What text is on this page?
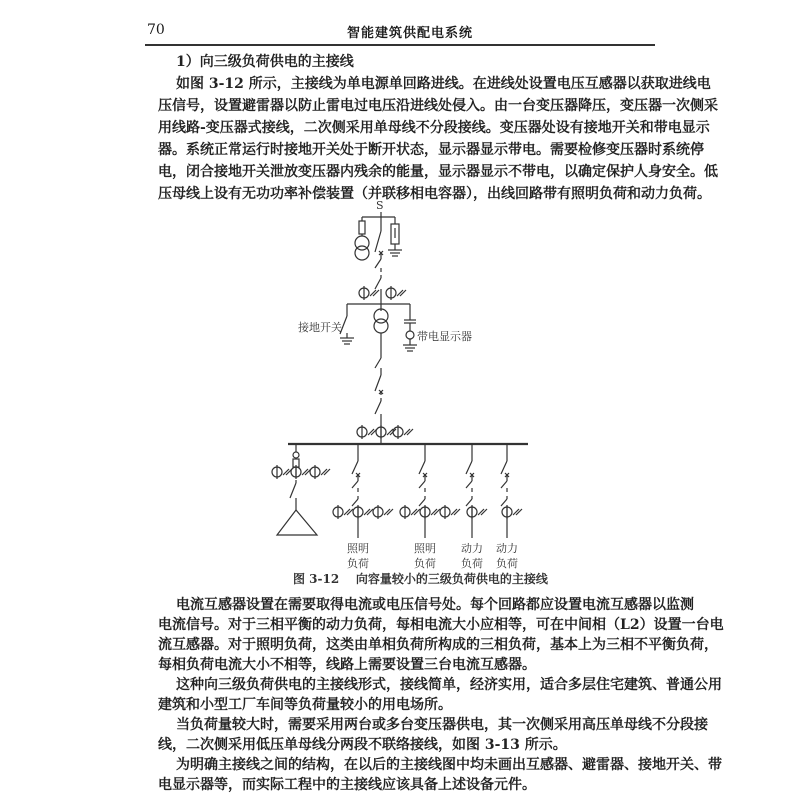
70	智能建筑供配电系统
1）向三级负荷供电的主接线
如图 3-12 所示，主接线为单电源单回路进线。在进线处设置电压互感器以获取进线电
压信号，设置避雷器以防止雷电过电压沿进线处侵入。由一台变压器降压，变压器一次侧采
用线路-变压器式接线，二次侧采用单母线不分段接线。变压器处设有接地开关和带电显示
器。系统正常运行时接地开关处于断开状态，显示器显示带电。需要检修变压器时系统停
电，闭合接地开关泄放变压器内残余的能量，显示器显示不带电，以确定保护人身安全。低
压母线上设有无功功率补偿装置（并联移相电容器），出线回路带有照明负荷和动力负荷。
S
接地开关
带电显示器
照明
负荷
照明
负荷
动力
负荷
动力
负荷
图 3-12    向容量较小的三级负荷供电的主接线
电流互感器设置在需要取得电流或电压信号处。每个回路都应设置电流互感器以监测
电流信号。对于三相平衡的动力负荷，每相电流大小应相等，可在中间相（L2）设置一台电
流互感器。对于照明负荷，这类由单相负荷所构成的三相负荷，基本上为三相不平衡负荷，
每相负荷电流大小不相等，线路上需要设置三台电流互感器。
这种向三级负荷供电的主接线形式，接线简单，经济实用，适合多层住宅建筑、普通公用
建筑和小型工厂车间等负荷量较小的用电场所。
当负荷量较大时，需要采用两台或多台变压器供电，其一次侧采用高压单母线不分段接
线，二次侧采用低压单母线分两段不联络接线，如图 3-13 所示。
为明确主接线之间的结构，在以后的主接线图中均未画出互感器、避雷器、接地开关、带
电显示器等，而实际工程中的主接线应该具备上述设备元件。
